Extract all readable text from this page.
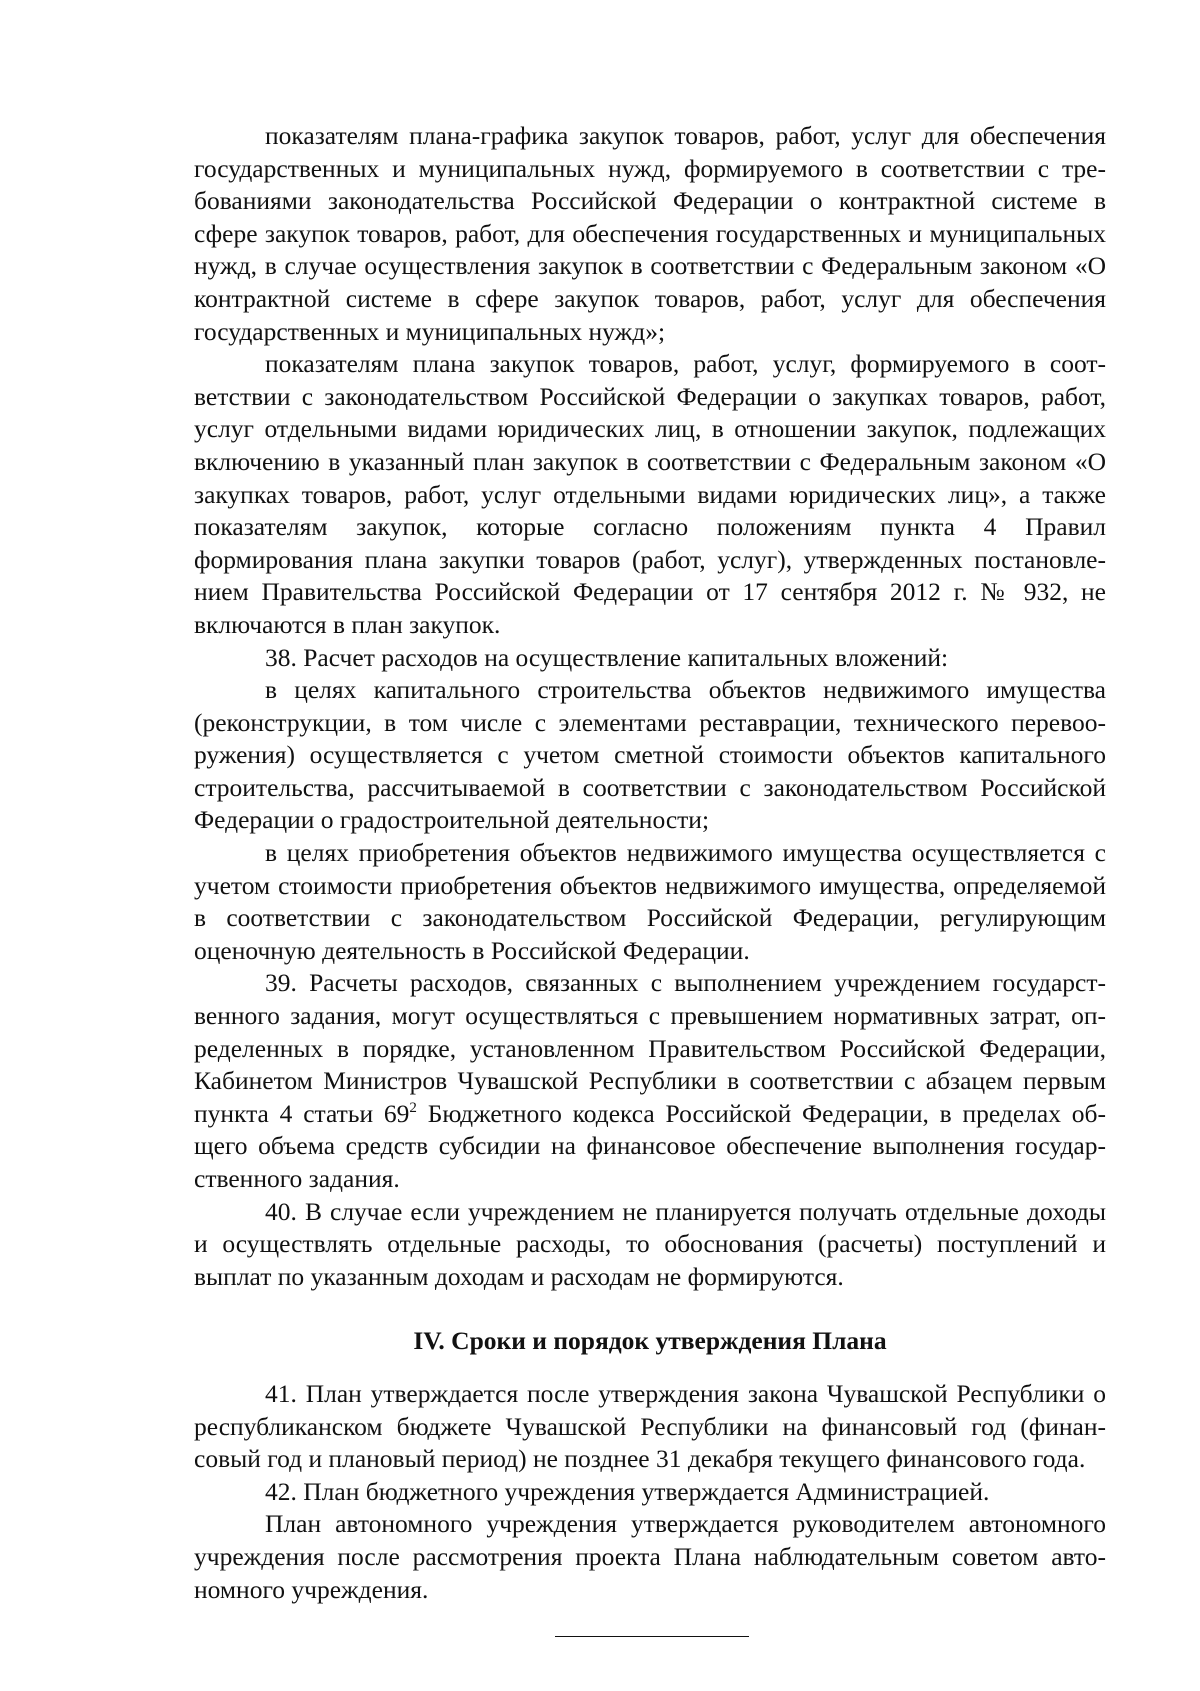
показателям плана-графика закупок товаров, работ, услуг для обеспечения государственных и муниципальных нужд, формируемого в соответствии с требованиями законодательства Российской Федерации о контрактной системе в сфере закупок товаров, работ, для обеспечения государственных и муниципальных нужд, в случае осуществления закупок в соответствии с Федеральным законом «О контрактной системе в сфере закупок товаров, работ, услуг для обеспечения государственных и муниципальных нужд»;

показателям плана закупок товаров, работ, услуг, формируемого в соответствии с законодательством Российской Федерации о закупках товаров, работ, услуг отдельными видами юридических лиц, в отношении закупок, подлежащих включению в указанный план закупок в соответствии с Федеральным законом «О закупках товаров, работ, услуг отдельными видами юридических лиц», а также показателям закупок, которые согласно положениям пункта 4 Правил формирования плана закупки товаров (работ, услуг), утвержденных постановлением Правительства Российской Федерации от 17 сентября 2012 г. № 932, не включаются в план закупок.

38. Расчет расходов на осуществление капитальных вложений:

в целях капитального строительства объектов недвижимого имущества (реконструкции, в том числе с элементами реставрации, технического перевооружения) осуществляется с учетом сметной стоимости объектов капитального строительства, рассчитываемой в соответствии с законодательством Российской Федерации о градостроительной деятельности;

в целях приобретения объектов недвижимого имущества осуществляется с учетом стоимости приобретения объектов недвижимого имущества, определяемой в соответствии с законодательством Российской Федерации, регулирующим оценочную деятельность в Российской Федерации.

39. Расчеты расходов, связанных с выполнением учреждением государственного задания, могут осуществляться с превышением нормативных затрат, определенных в порядке, установленном Правительством Российской Федерации, Кабинетом Министров Чувашской Республики в соответствии с абзацем первым пункта 4 статьи $69^2$ Бюджетного кодекса Российской Федерации, в пределах общего объема средств субсидии на финансовое обеспечение выполнения государственного задания.

40. В случае если учреждением не планируется получать отдельные доходы и осуществлять отдельные расходы, то обоснования (расчеты) поступлений и выплат по указанным доходам и расходам не формируются.

IV. Сроки и порядок утверждения Плана

41. План утверждается после утверждения закона Чувашской Республики о республиканском бюджете Чувашской Республики на финансовый год (финансовый год и плановый период) не позднее 31 декабря текущего финансового года.

42. План бюджетного учреждения утверждается Администрацией.

План автономного учреждения утверждается руководителем автономного учреждения после рассмотрения проекта Плана наблюдательным советом автономного учреждения.
